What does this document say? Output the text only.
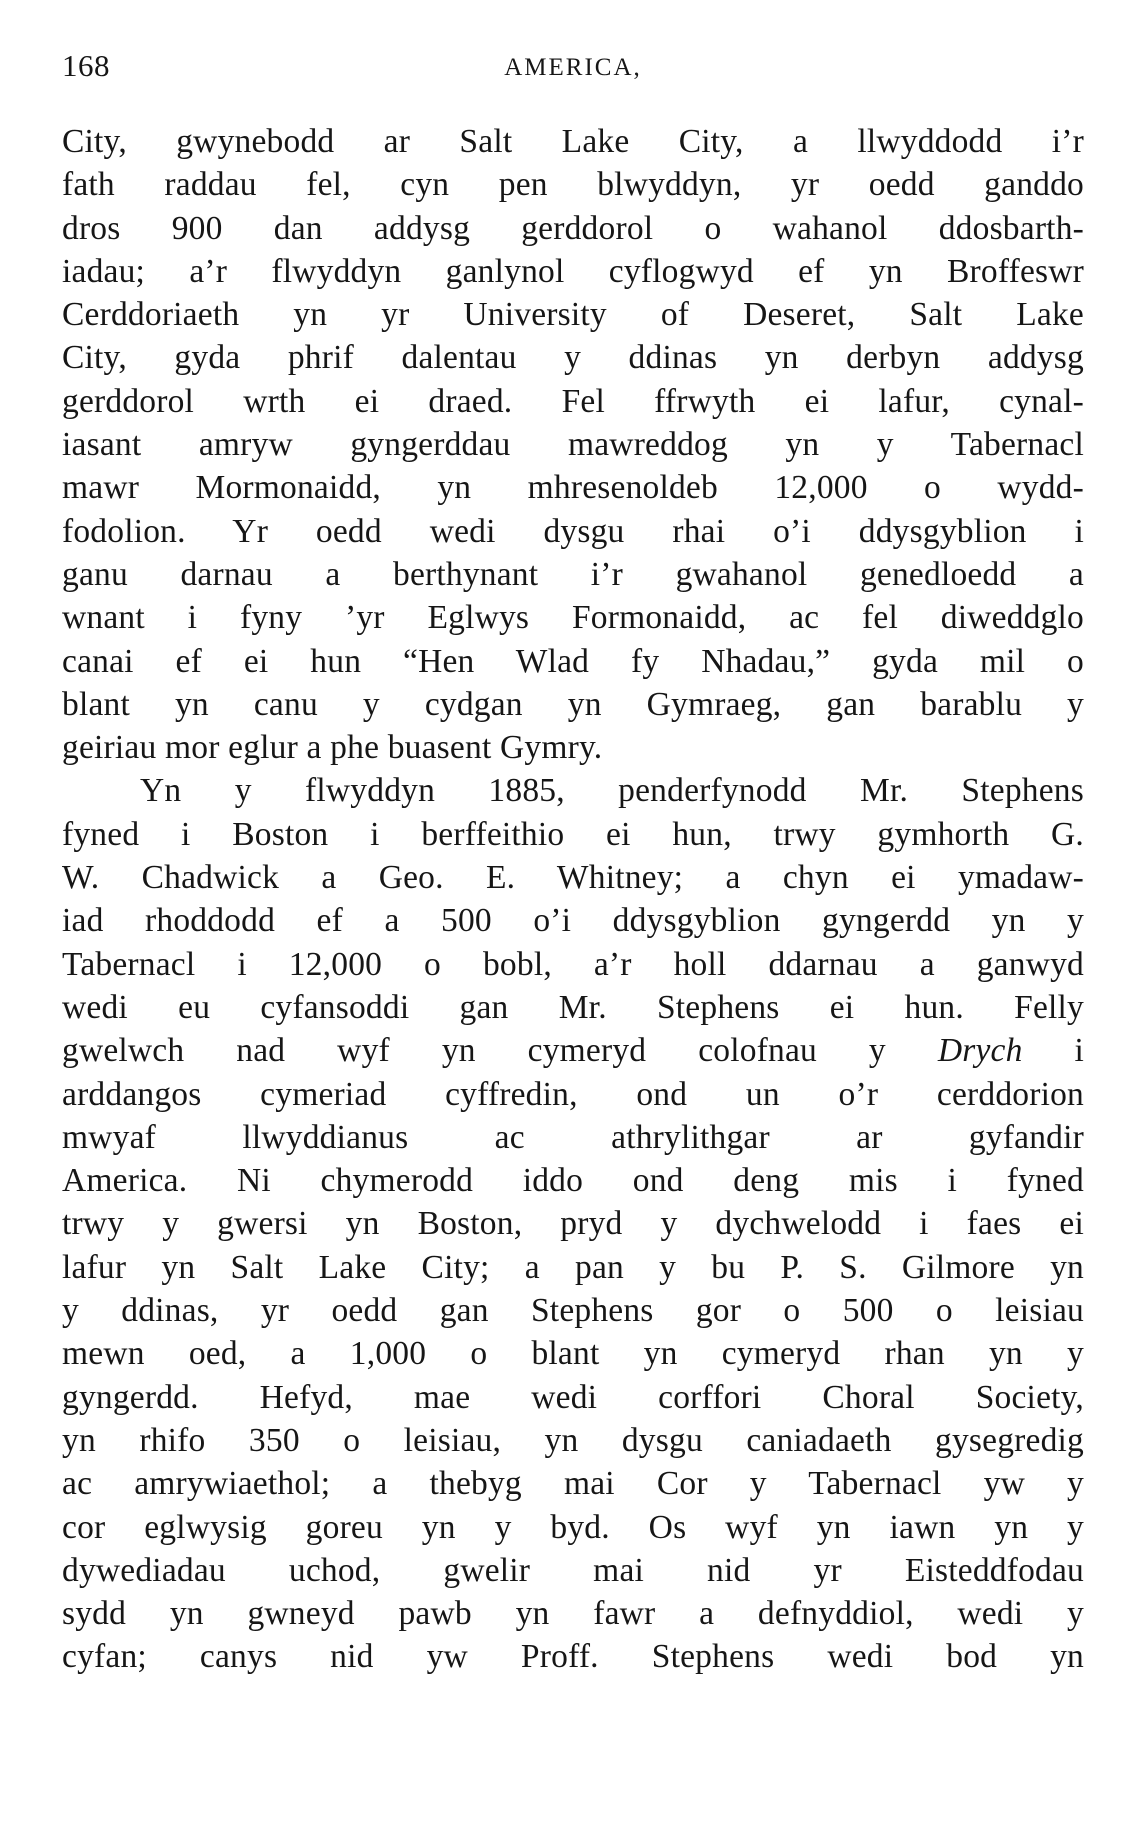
168	AMERICA,
City, gwynebodd ar Salt Lake City, a llwyddodd i’r
fath raddau fel, cyn pen blwyddyn, yr oedd ganddo
dros 900 dan addysg gerddorol o wahanol ddosbarth-
iadau; a’r flwyddyn ganlynol cyflogwyd ef yn Broffeswr
Cerddoriaeth yn yr University of Deseret, Salt Lake
City, gyda phrif dalentau y ddinas yn derbyn addysg
gerddorol wrth ei draed. Fel ffrwyth ei lafur, cynal-
iasant amryw gyngerddau mawreddog yn y Tabernacl
mawr Mormonaidd, yn mhresenoldeb 12,000 o wydd-
fodolion. Yr oedd wedi dysgu rhai o’i ddysgyblion i
ganu darnau a berthynant i’r gwahanol genedloedd a
wnant i fyny ’yr Eglwys Formonaidd, ac fel diweddglo
canai ef ei hun “Hen Wlad fy Nhadau,” gyda mil o
blant yn canu y cydgan yn Gymraeg, gan barablu y
geiriau mor eglur a phe buasent Gymry.
Yn y flwyddyn 1885, penderfynodd Mr. Stephens
fyned i Boston i berffeithio ei hun, trwy gymhorth G.
W. Chadwick a Geo. E. Whitney; a chyn ei ymadaw-
iad rhoddodd ef a 500 o’i ddysgyblion gyngerdd yn y
Tabernacl i 12,000 o bobl, a’r holl ddarnau a ganwyd
wedi eu cyfansoddi gan Mr. Stephens ei hun. Felly
gwelwch nad wyf yn cymeryd colofnau y Drych i
arddangos cymeriad cyffredin, ond un o’r cerddorion
mwyaf llwyddianus ac athrylithgar ar gyfandir
America. Ni chymerodd iddo ond deng mis i fyned
trwy y gwersi yn Boston, pryd y dychwelodd i faes ei
lafur yn Salt Lake City; a pan y bu P. S. Gilmore yn
y ddinas, yr oedd gan Stephens gor o 500 o leisiau
mewn oed, a 1,000 o blant yn cymeryd rhan yn y
gyngerdd. Hefyd, mae wedi corffori Choral Society,
yn rhifo 350 o leisiau, yn dysgu caniadaeth gysegredig
ac amrywiaethol; a thebyg mai Cor y Tabernacl yw y
cor eglwysig goreu yn y byd. Os wyf yn iawn yn y
dywediadau uchod, gwelir mai nid yr Eisteddfodau
sydd yn gwneyd pawb yn fawr a defnyddiol, wedi y
cyfan; canys nid yw Proff. Stephens wedi bod yn
